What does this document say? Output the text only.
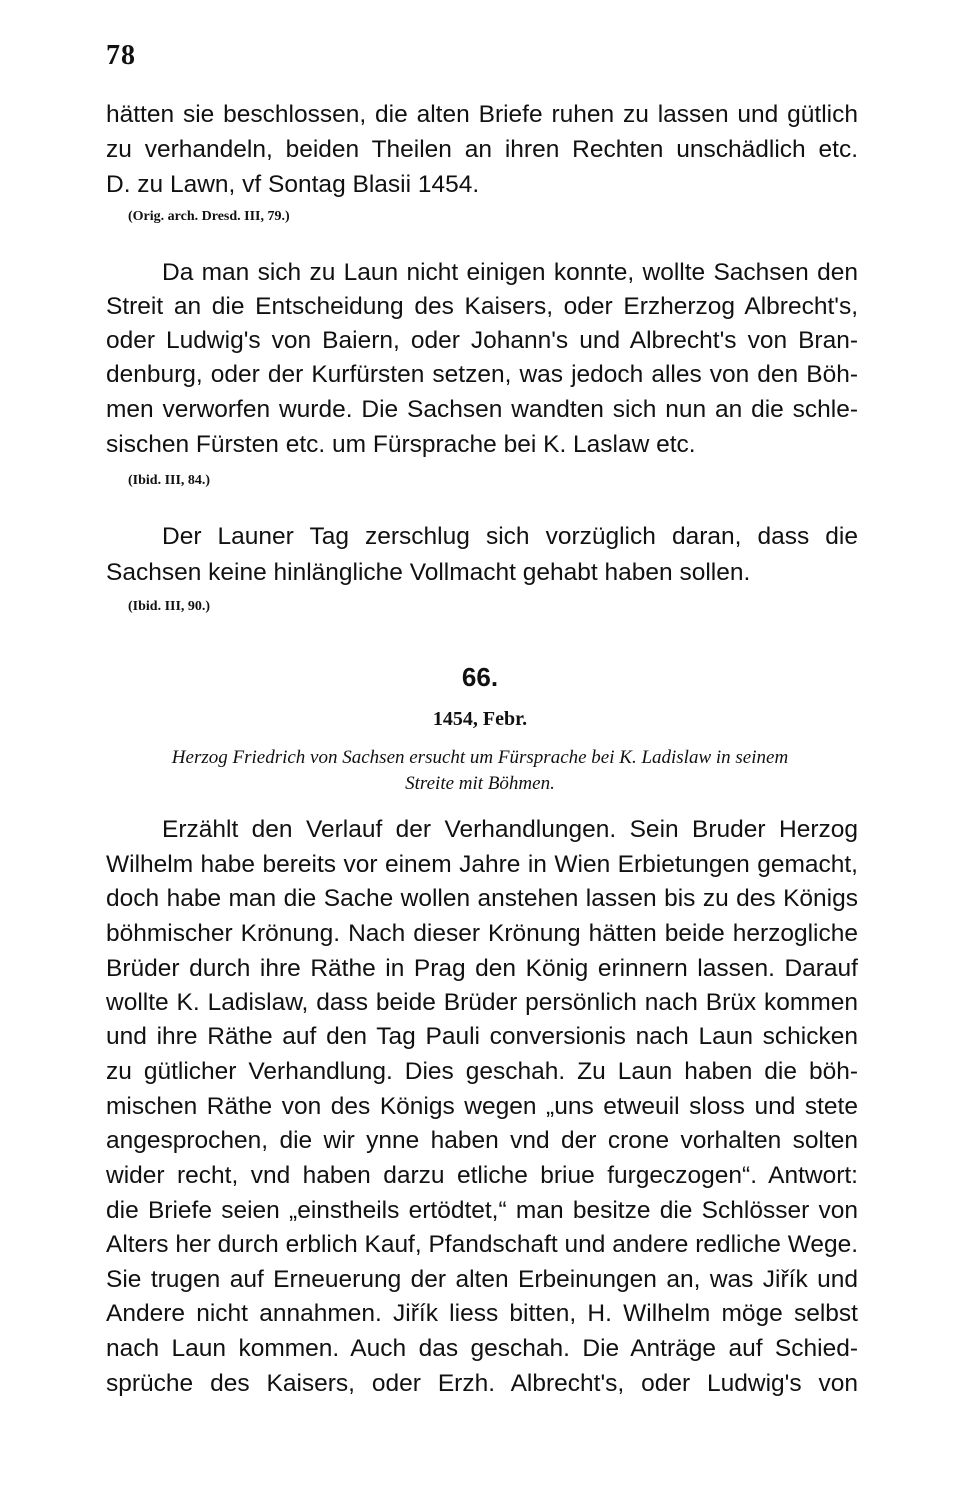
78
hätten sie beschlossen, die alten Briefe ruhen zu lassen und gütlich
zu verhandeln, beiden Theilen an ihren Rechten unschädlich etc.
D. zu Lawn, vf Sontag Blasii 1454.
(Orig. arch. Dresd. III, 79.)
Da man sich zu Laun nicht einigen konnte, wollte Sachsen den
Streit an die Entscheidung des Kaisers, oder Erzherzog Albrecht's,
oder Ludwig's von Baiern, oder Johann's und Albrecht's von Bran-
denburg, oder der Kurfürsten setzen, was jedoch alles von den Böh-
men verworfen wurde. Die Sachsen wandten sich nun an die schle-
sischen Fürsten etc. um Fürsprache bei K. Laslaw etc.
(Ibid. III, 84.)
Der Launer Tag zerschlug sich vorzüglich daran, dass die
Sachsen keine hinlängliche Vollmacht gehabt haben sollen.
(Ibid. III, 90.)
66.
1454, Febr.
Herzog Friedrich von Sachsen ersucht um Fürsprache bei K. Ladislaw in seinem
Streite mit Böhmen.
Erzählt den Verlauf der Verhandlungen. Sein Bruder Herzog
Wilhelm habe bereits vor einem Jahre in Wien Erbietungen gemacht,
doch habe man die Sache wollen anstehen lassen bis zu des Königs
böhmischer Krönung. Nach dieser Krönung hätten beide herzogliche
Brüder durch ihre Räthe in Prag den König erinnern lassen. Darauf
wollte K. Ladislaw, dass beide Brüder persönlich nach Brüx kommen
und ihre Räthe auf den Tag Pauli conversionis nach Laun schicken
zu gütlicher Verhandlung. Dies geschah. Zu Laun haben die böh-
mischen Räthe von des Königs wegen „uns etweuil sloss und stete
angesprochen, die wir ynne haben vnd der crone vorhalten solten
wider recht, vnd haben darzu etliche briue furgeczogen“. Antwort:
die Briefe seien „einstheils ertödtet,“ man besitze die Schlösser von
Alters her durch erblich Kauf, Pfandschaft und andere redliche Wege.
Sie trugen auf Erneuerung der alten Erbeinungen an, was Jiřík und
Andere nicht annahmen. Jiřík liess bitten, H. Wilhelm möge selbst
nach Laun kommen. Auch das geschah. Die Anträge auf Schied-
sprüche des Kaisers, oder Erzh. Albrecht's, oder Ludwig's von
